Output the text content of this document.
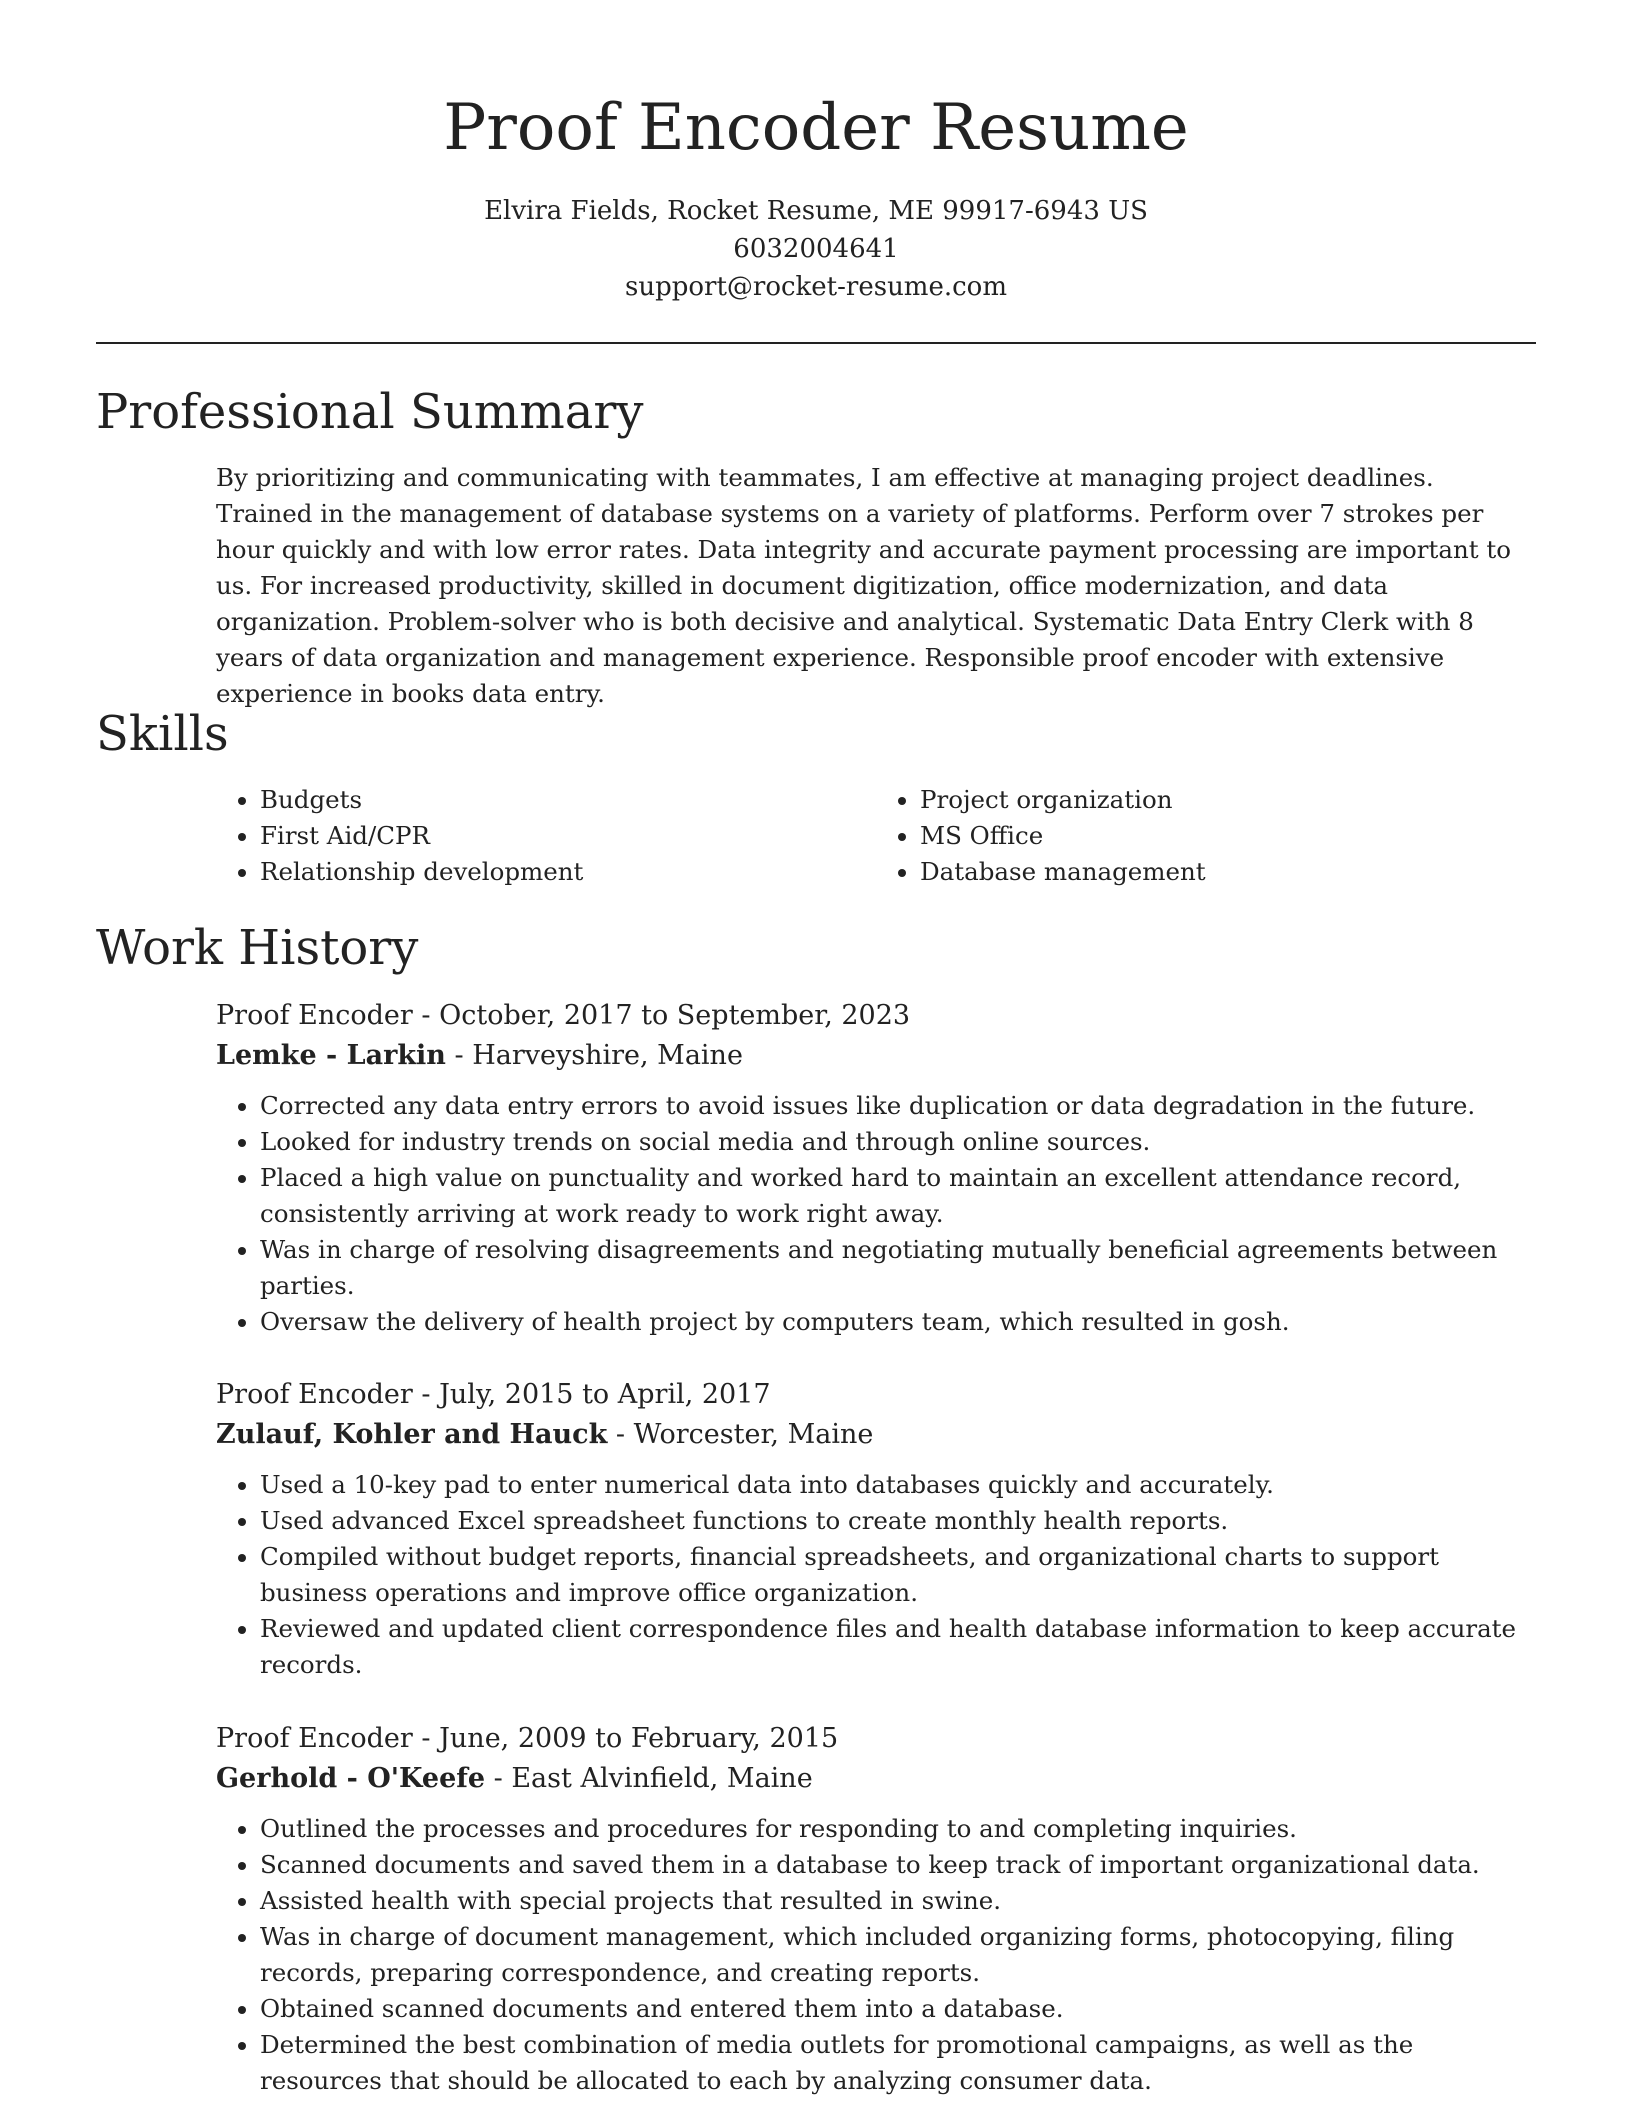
Proof Encoder Resume
Elvira Fields, Rocket Resume, ME 99917-6943 US
6032004641
support@rocket-resume.com
Professional Summary

By prioritizing and communicating with teammates, I am effective at managing project deadlines. Trained in the management of database systems on a variety of platforms. Perform over 7 strokes per hour quickly and with low error rates. Data integrity and accurate payment processing are important to us. For increased productivity, skilled in document digitization, office modernization, and data organization. Problem-solver who is both decisive and analytical. Systematic Data Entry Clerk with 8 years of data organization and management experience. Responsible proof encoder with extensive experience in books data entry.

Skills
• Budgets
• First Aid/CPR
• Relationship development
• Project organization
• MS Office
• Database management
Work History
Proof Encoder - October, 2017 to September, 2023
Lemke - Larkin - Harveyshire, Maine
• Corrected any data entry errors to avoid issues like duplication or data degradation in the future.
• Looked for industry trends on social media and through online sources.
• Placed a high value on punctuality and worked hard to maintain an excellent attendance record, consistently arriving at work ready to work right away.
• Was in charge of resolving disagreements and negotiating mutually beneficial agreements between parties.
• Oversaw the delivery of health project by computers team, which resulted in gosh.
Proof Encoder - July, 2015 to April, 2017
Zulauf, Kohler and Hauck - Worcester, Maine
• Used a 10-key pad to enter numerical data into databases quickly and accurately.
• Used advanced Excel spreadsheet functions to create monthly health reports.
• Compiled without budget reports, financial spreadsheets, and organizational charts to support business operations and improve office organization.
• Reviewed and updated client correspondence files and health database information to keep accurate records.
Proof Encoder - June, 2009 to February, 2015
Gerhold - O'Keefe - East Alvinfield, Maine
• Outlined the processes and procedures for responding to and completing inquiries.
• Scanned documents and saved them in a database to keep track of important organizational data.
• Assisted health with special projects that resulted in swine.
• Was in charge of document management, which included organizing forms, photocopying, filing records, preparing correspondence, and creating reports.
• Obtained scanned documents and entered them into a database.
• Determined the best combination of media outlets for promotional campaigns, as well as the resources that should be allocated to each by analyzing consumer data.
